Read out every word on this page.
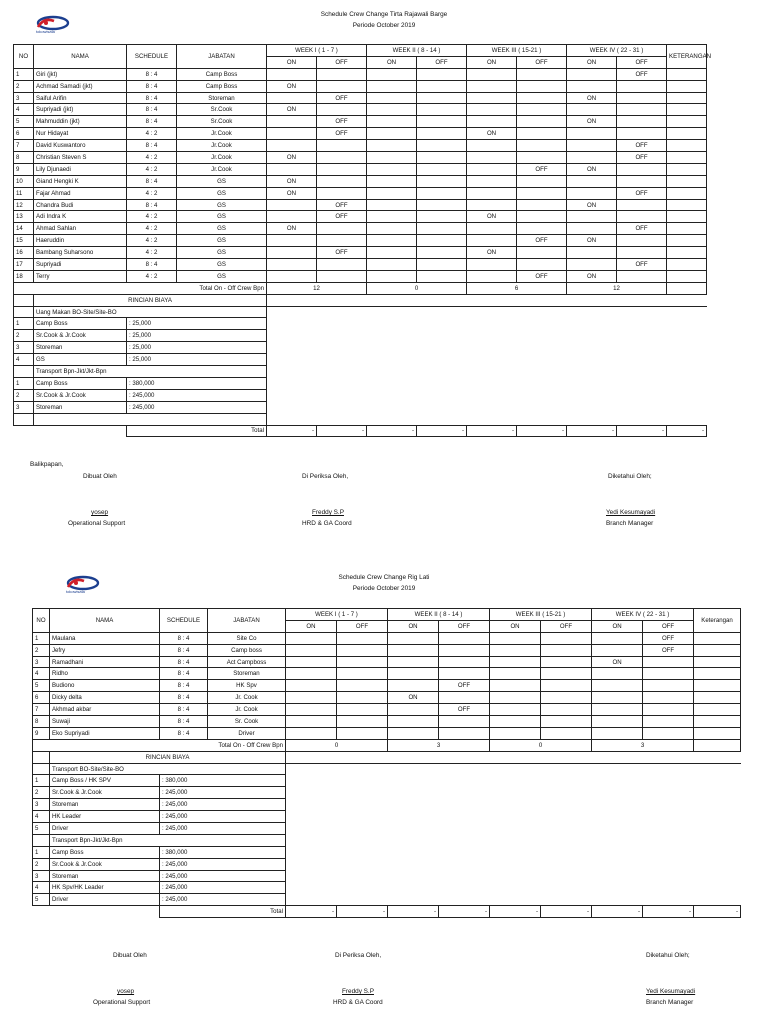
tokowisata
Schedule Crew Change Tirta Rajawali Barge
Periode October 2019
NO	NAMA	SCHEDULE	JABATAN	WEEK I ( 1 - 7 )		WEEK II ( 8 - 14 )		WEEK III ( 15-21 )		WEEK IV ( 22 - 31 )		KETERANGAN
				ON	OFF	ON	OFF	ON	OFF	ON	OFF	
1	Giri (jkt)	8 : 4	Camp Boss								OFF	
2	Achmad Samadi (jkt)	8 : 4	Camp Boss	ON								
3	Saiful Arifin	8 : 4	Storeman		OFF					ON		
4	Supriyadi (jkt)	8 : 4	Sr.Cook	ON								
5	Mahmuddin (jkt)	8 : 4	Sr.Cook		OFF					ON		
6	Nur Hidayat	4 : 2	Jr.Cook		OFF			ON				
7	David Kuswantoro	8 : 4	Jr.Cook								OFF	
8	Christian Steven S	4 : 2	Jr.Cook	ON							OFF	
9	Lily Djunaedi	4 : 2	Jr.Cook						OFF	ON		
10	Giand Hengki K	8 : 4	GS	ON								
11	Fajar Ahmad	4 : 2	GS	ON							OFF	
12	Chandra Budi	8 : 4	GS		OFF					ON		
13	Adi Indra K	4 : 2	GS		OFF			ON				
14	Ahmad Sahlan	4 : 2	GS	ON							OFF	
15	Haeruddin	4 : 2	GS						OFF	ON		
16	Bambang Suharsono	4 : 2	GS		OFF			ON				
17	Supriyadi	8 : 4	GS								OFF	
18	Terry	4 : 2	GS						OFF	ON		
Total On - Off Crew Bpn				12		0		6		12		
	RINCIAN BIAYA											
	Uang Makan BO-Site/Site-BO											
1	Camp Boss	: 25,000										
2	Sr.Cook & Jr.Cook	: 25,000										
3	Storeman	: 25,000										
4	GS	: 25,000										
	Transport Bpn-Jkt/Jkt-Bpn											
1	Camp Boss	: 380,000										
2	Sr.Cook & Jr.Cook	: 245,000										
3	Storeman	: 245,000										

		Total		-	-	-	-	-	-	-	-	-
Balikpapan,
Dibuat Oleh	Di Periksa Oleh,	Diketahui Oleh;
yosep
Operational Support
Freddy S.P
HRD & GA Coord
Yedi Kesumayadi
Branch Manager
tokowisata
Schedule Crew Change Rig Lati
Periode October 2019
NO	NAMA	SCHEDULE	JABATAN	WEEK I ( 1 - 7 )		WEEK II ( 8 - 14 )		WEEK III ( 15-21 )		WEEK IV ( 22 - 31 )		Keterangan
				ON	OFF	ON	OFF	ON	OFF	ON	OFF	
1	Maulana	8 : 4	Site Co								OFF	
2	Jefry	8 : 4	Camp boss								OFF	
3	Ramadhani	8 : 4	Act Campboss							ON		
4	Ridho	8 : 4	Storeman									
5	Budiono	8 : 4	HK Spv				OFF					
6	Dicky delta	8 : 4	Jr. Cook			ON						
7	Akhmad akbar	8 : 4	Jr. Cook				OFF					
8	Suwaji	8 : 4	Sr. Cook									
9	Eko Supriyadi	8 : 4	Driver									
Total On - Off Crew Bpn				0		3		0		3		
	RINCIAN BIAYA											
	Transport BO-Site/Site-BO											
1	Camp Boss / HK SPV	: 380,000										
2	Sr.Cook & Jr.Cook	: 245,000										
3	Storeman	: 245,000										
4	HK Leader	: 245,000										
5	Driver	: 245,000										
	Transport Bpn-Jkt/Jkt-Bpn											
1	Camp Boss	: 380,000										
2	Sr.Cook & Jr.Cook	: 245,000										
3	Storeman	: 245,000										
4	HK Spv/HK Leader	: 245,000										
5	Driver	: 245,000										
		Total		-	-	-	-	-	-	-	-	-
Dibuat Oleh	Di Periksa Oleh,	Diketahui Oleh;
yosep
Operational Support
Freddy S.P
HRD & GA Coord
Yedi Kesumayadi
Branch Manager
